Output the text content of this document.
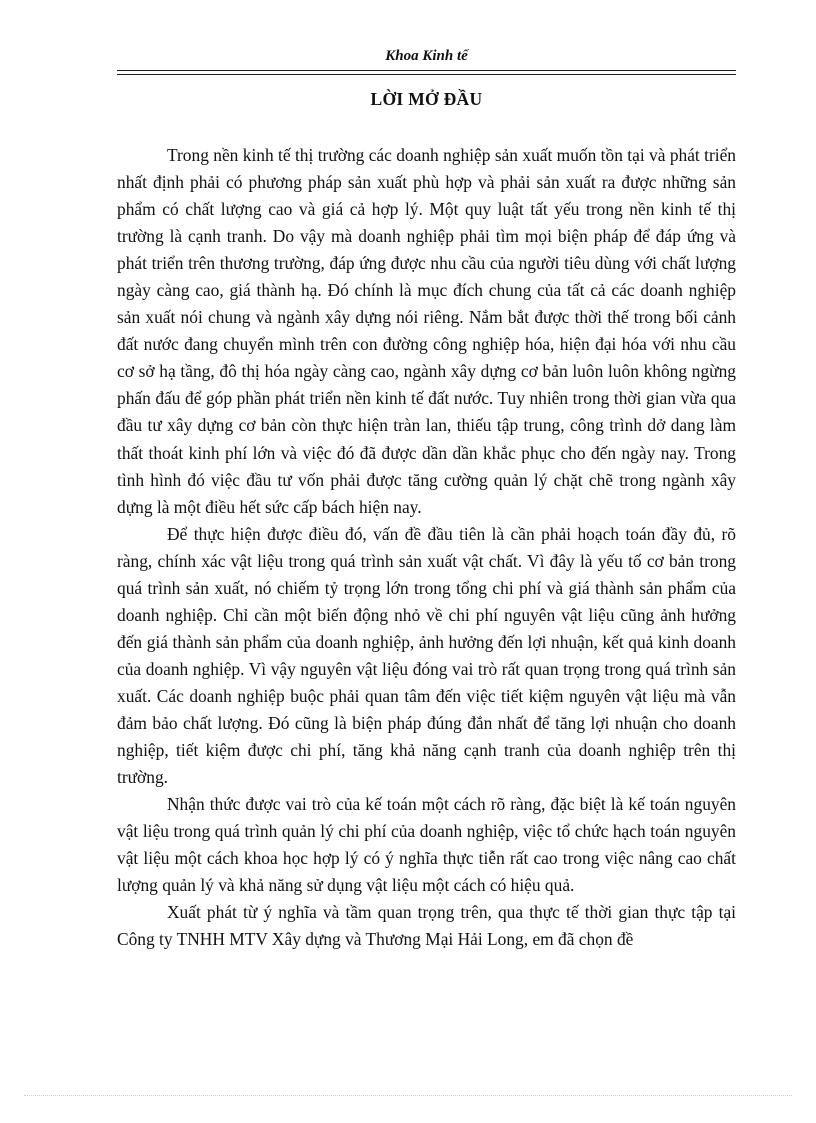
Khoa Kinh tế
LỜI MỞ ĐẦU

Trong nền kinh tế thị trường các doanh nghiệp sản xuất muốn tồn tại và phát triển nhất định phải có phương pháp sản xuất phù hợp và phải sản xuất ra được những sản phẩm có chất lượng cao và giá cả hợp lý. Một quy luật tất yếu trong nền kinh tế thị trường là cạnh tranh. Do vậy mà doanh nghiệp phải tìm mọi biện pháp để đáp ứng và phát triển trên thương trường, đáp ứng được nhu cầu của người tiêu dùng với chất lượng ngày càng cao, giá thành hạ. Đó chính là mục đích chung của tất cả các doanh nghiệp sản xuất nói chung và ngành xây dựng nói riêng. Nắm bắt được thời thế trong bối cảnh đất nước đang chuyển mình trên con đường công nghiệp hóa, hiện đại hóa với nhu cầu cơ sở hạ tầng, đô thị hóa ngày càng cao, ngành xây dựng cơ bản luôn luôn không ngừng phấn đấu để góp phần phát triển nền kinh tế đất nước. Tuy nhiên trong thời gian vừa qua đầu tư xây dựng cơ bản còn thực hiện tràn lan, thiếu tập trung, công trình dở dang làm thất thoát kinh phí lớn và việc đó đã được dần dần khắc phục cho đến ngày nay. Trong tình hình đó việc đầu tư vốn phải được tăng cường quản lý chặt chẽ trong ngành xây dựng là một điều hết sức cấp bách hiện nay.

Để thực hiện được điều đó, vấn đề đầu tiên là cần phải hoạch toán đầy đủ, rõ ràng, chính xác vật liệu trong quá trình sản xuất vật chất. Vì đây là yếu tố cơ bản trong quá trình sản xuất, nó chiếm tỷ trọng lớn trong tổng chi phí và giá thành sản phẩm của doanh nghiệp. Chỉ cần một biến động nhỏ về chi phí nguyên vật liệu cũng ảnh hưởng đến giá thành sản phẩm của doanh nghiệp, ảnh hưởng đến lợi nhuận, kết quả kinh doanh của doanh nghiệp. Vì vậy nguyên vật liệu đóng vai trò rất quan trọng trong quá trình sản xuất. Các doanh nghiệp buộc phải quan tâm đến việc tiết kiệm nguyên vật liệu mà vẫn đảm bảo chất lượng. Đó cũng là biện pháp đúng đắn nhất để tăng lợi nhuận cho doanh nghiệp, tiết kiệm được chi phí, tăng khả năng cạnh tranh của doanh nghiệp trên thị trường.

Nhận thức được vai trò của kế toán một cách rõ ràng, đặc biệt là kế toán nguyên vật liệu trong quá trình quản lý chi phí của doanh nghiệp, việc tổ chức hạch toán nguyên vật liệu một cách khoa học hợp lý có ý nghĩa thực tiễn rất cao trong việc nâng cao chất lượng quản lý và khả năng sử dụng vật liệu một cách có hiệu quả.

Xuất phát từ ý nghĩa và tầm quan trọng trên, qua thực tế thời gian thực tập tại Công ty TNHH MTV Xây dựng và Thương Mại Hải Long, em đã chọn đề
